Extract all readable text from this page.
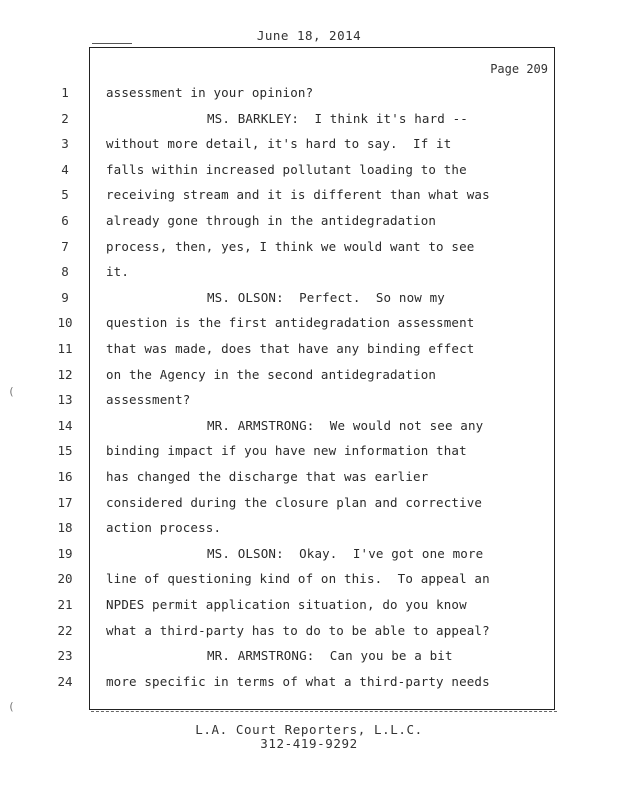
June 18, 2014
Page 209
1	assessment in your opinion?
2	MS. BARKLEY:  I think it's hard --
3	without more detail, it's hard to say.  If it
4	falls within increased pollutant loading to the
5	receiving stream and it is different than what was
6	already gone through in the antidegradation
7	process, then, yes, I think we would want to see
8	it.
9	MS. OLSON:  Perfect.  So now my
10	question is the first antidegradation assessment
11	that was made, does that have any binding effect
12	on the Agency in the second antidegradation
13	assessment?
14	MR. ARMSTRONG:  We would not see any
15	binding impact if you have new information that
16	has changed the discharge that was earlier
17	considered during the closure plan and corrective
18	action process.
19	MS. OLSON:  Okay.  I've got one more
20	line of questioning kind of on this.  To appeal an
21	NPDES permit application situation, do you know
22	what a third-party has to do to be able to appeal?
23	MR. ARMSTRONG:  Can you be a bit
24	more specific in terms of what a third-party needs
L.A. Court Reporters, L.L.C.
312-419-9292
(
(
